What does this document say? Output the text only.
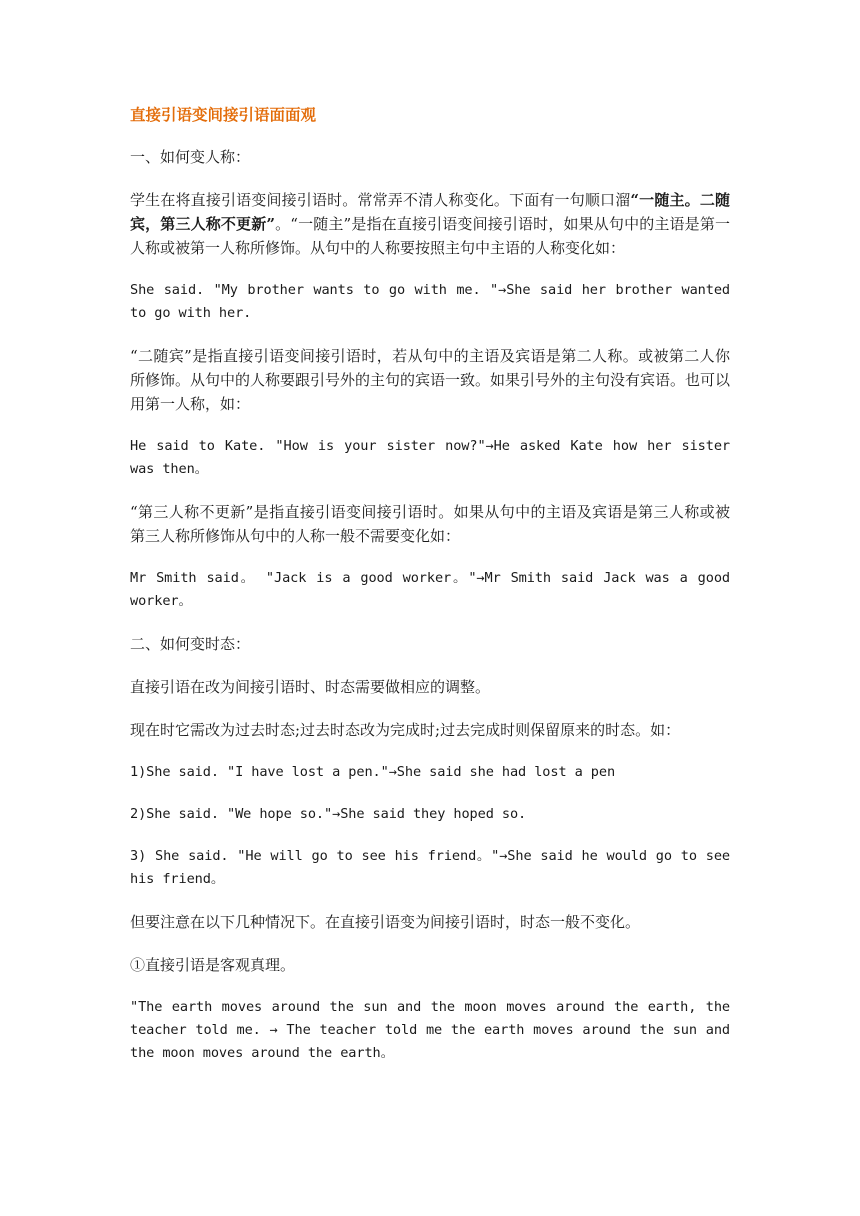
直接引语变间接引语面面观
一、如何变人称：
学生在将直接引语变间接引语时。常常弄不清人称变化。下面有一句顺口溜“一随主。二随宾，第三人称不更新”。“一随主”是指在直接引语变间接引语时，如果从句中的主语是第一人称或被第一人称所修饰。从句中的人称要按照主句中主语的人称变化如：
She said. "My brother wants to go with me. "→She said her brother wanted to go with her.
“二随宾”是指直接引语变间接引语时，若从句中的主语及宾语是第二人称。或被第二人你所修饰。从句中的人称要跟引号外的主句的宾语一致。如果引号外的主句没有宾语。也可以用第一人称，如：
He said to Kate. "How is your sister now?"→He asked Kate how her sister was then。
“第三人称不更新”是指直接引语变间接引语时。如果从句中的主语及宾语是第三人称或被第三人称所修饰从句中的人称一般不需要变化如：
Mr Smith said。 "Jack is a good worker。"→Mr Smith said Jack was a good worker。
二、如何变时态：
直接引语在改为间接引语时、时态需要做相应的调整。
现在时它需改为过去时态;过去时态改为完成时;过去完成时则保留原来的时态。如：
1)She said. "I have lost a pen."→She said she had lost a pen
2)She said. "We hope so."→She said they hoped so.
3) She said. "He will go to see his friend。"→She said he would go to see his friend。
但要注意在以下几种情况下。在直接引语变为间接引语时，时态一般不变化。
①直接引语是客观真理。
"The earth moves around the sun and the moon moves around the earth, the teacher told me. → The teacher told me the earth moves around the sun and the moon moves around the earth。
